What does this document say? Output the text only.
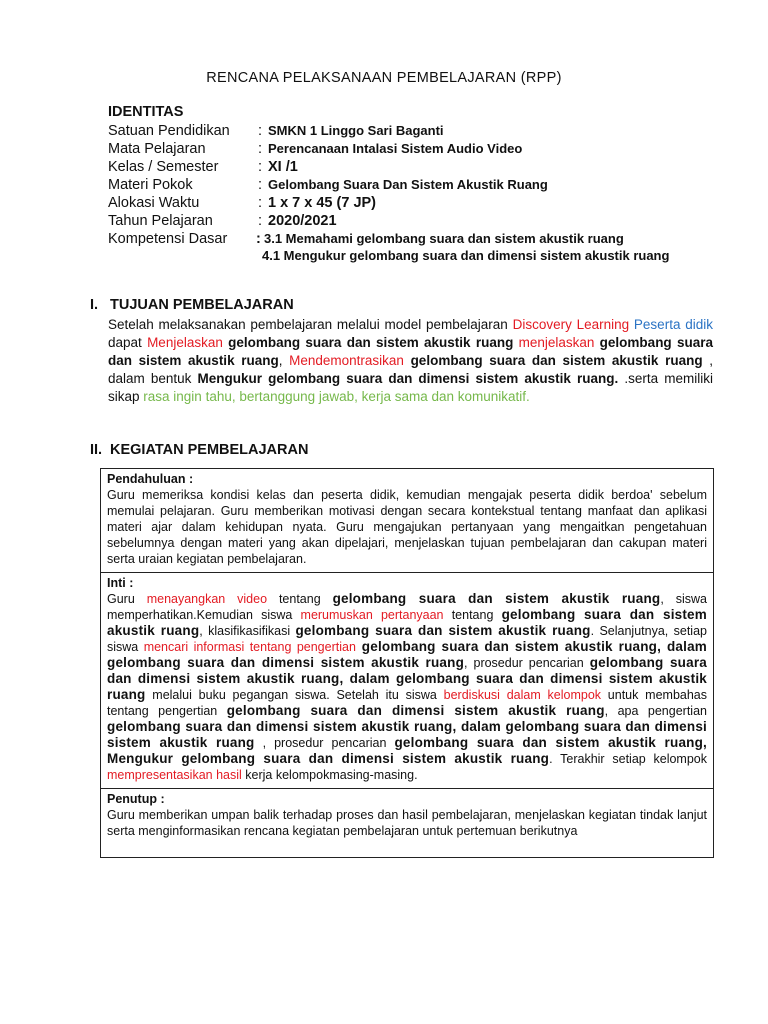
RENCANA PELAKSANAAN PEMBELAJARAN (RPP)
IDENTITAS
Satuan Pendidikan : SMKN 1 Linggo Sari Baganti
Mata Pelajaran	: Perencanaan Intalasi Sistem Audio Video
Kelas / Semester	: XI /1
Materi Pokok	: Gelombang Suara Dan Sistem Akustik Ruang
Alokasi Waktu	: 1 x 7 x 45 (7 JP)
Tahun Pelajaran	: 2020/2021
Kompetensi Dasar : 3.1 Memahami gelombang suara dan sistem akustik ruang
4.1 Mengukur gelombang suara dan dimensi sistem akustik ruang
I. TUJUAN PEMBELAJARAN
Setelah melaksanakan pembelajaran melalui model pembelajaran Discovery Learning Peserta didik dapat Menjelaskan gelombang suara dan sistem akustik ruang menjelaskan gelombang suara dan sistem akustik ruang, Mendemontrasikan gelombang suara dan sistem akustik ruang , dalam bentuk Mengukur gelombang suara dan dimensi sistem akustik ruang. .serta memiliki sikap rasa ingin tahu, bertanggung jawab, kerja sama dan komunikatif.
II. KEGIATAN PEMBELAJARAN
Pendahuluan :
Guru memeriksa kondisi kelas dan peserta didik, kemudian mengajak peserta didik berdoa' sebelum memulai pelajaran. Guru memberikan motivasi dengan secara kontekstual tentang manfaat dan aplikasi materi ajar dalam kehidupan nyata. Guru mengajukan pertanyaan yang mengaitkan pengetahuan sebelumnya dengan materi yang akan dipelajari, menjelaskan tujuan pembelajaran dan cakupan materi serta uraian kegiatan pembelajaran.
Inti :
Guru menayangkan video tentang gelombang suara dan sistem akustik ruang, siswa memperhatikan.Kemudian siswa merumuskan pertanyaan tentang gelombang suara dan sistem akustik ruang, klasifikasifikasi gelombang suara dan sistem akustik ruang. Selanjutnya, setiap siswa mencari informasi tentang pengertian gelombang suara dan sistem akustik ruang, dalam gelombang suara dan dimensi sistem akustik ruang, prosedur pencarian gelombang suara dan dimensi sistem akustik ruang, dalam gelombang suara dan dimensi sistem akustik ruang melalui buku pegangan siswa. Setelah itu siswa berdiskusi dalam kelompok untuk membahas tentang pengertian gelombang suara dan dimensi sistem akustik ruang, apa pengertian gelombang suara dan dimensi sistem akustik ruang, dalam gelombang suara dan dimensi sistem akustik ruang , prosedur pencarian gelombang suara dan sistem akustik ruang, Mengukur gelombang suara dan dimensi sistem akustik ruang. Terakhir setiap kelompok mempresentasikan hasil kerja kelompokmasing-masing.
Penutup :
Guru memberikan umpan balik terhadap proses dan hasil pembelajaran, menjelaskan kegiatan tindak lanjut serta menginformasikan rencana kegiatan pembelajaran untuk pertemuan berikutnya
